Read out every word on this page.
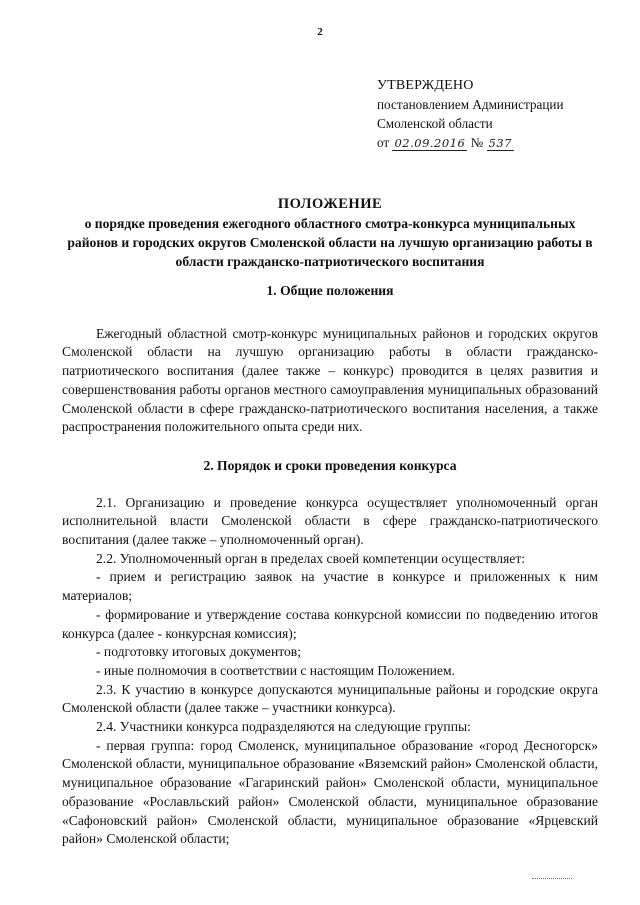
2
УТВЕРЖДЕНО
постановлением Администрации
Смоленской области
от 02.09.2016 № 537
ПОЛОЖЕНИЕ
о порядке проведения ежегодного областного смотра-конкурса муниципальных районов и городских округов Смоленской области на лучшую организацию работы в области гражданско-патриотического воспитания

1. Общие положения

Ежегодный областной смотр-конкурс муниципальных районов и городских округов Смоленской области на лучшую организацию работы в области гражданско-патриотического воспитания (далее также – конкурс) проводится в целях развития и совершенствования работы органов местного самоуправления муниципальных образований Смоленской области в сфере гражданско-патриотического воспитания населения, а также распространения положительного опыта среди них.

2. Порядок и сроки проведения конкурса

2.1. Организацию и проведение конкурса осуществляет уполномоченный орган исполнительной власти Смоленской области в сфере гражданско-патриотического воспитания (далее также – уполномоченный орган).

2.2. Уполномоченный орган в пределах своей компетенции осуществляет:

- прием и регистрацию заявок на участие в конкурсе и приложенных к ним материалов;

- формирование и утверждение состава конкурсной комиссии по подведению итогов конкурса (далее - конкурсная комиссия);

- подготовку итоговых документов;

- иные полномочия в соответствии с настоящим Положением.

2.3. К участию в конкурсе допускаются муниципальные районы и городские округа Смоленской области (далее также – участники конкурса).

2.4. Участники конкурса подразделяются на следующие группы:

- первая группа: город Смоленск, муниципальное образование «город Десногорск» Смоленской области, муниципальное образование «Вяземский район» Смоленской области, муниципальное образование «Гагаринский район» Смоленской области, муниципальное образование «Рославльский район» Смоленской области, муниципальное образование «Сафоновский район» Смоленской области, муниципальное образование «Ярцевский район» Смоленской области;
